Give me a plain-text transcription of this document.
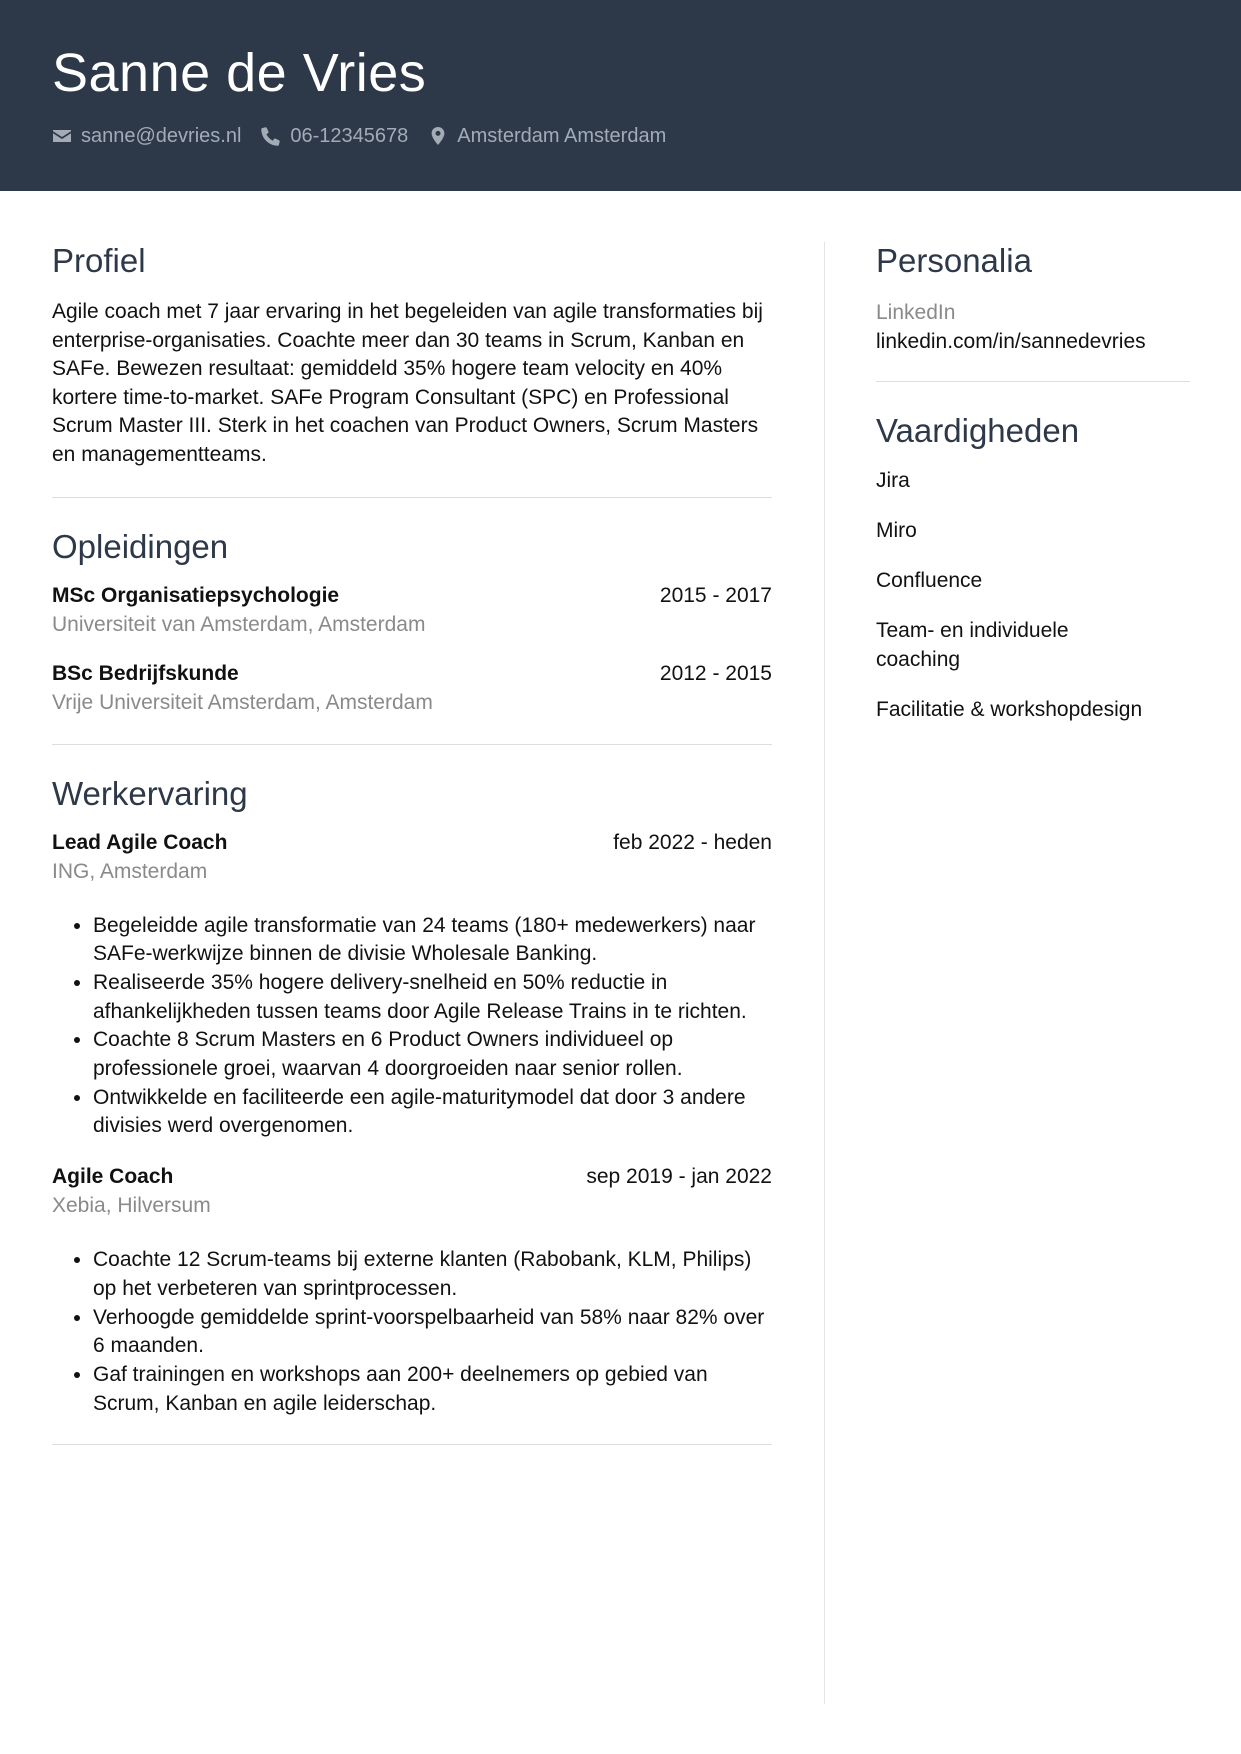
Sanne de Vries
sanne@devries.nl 06-12345678 Amsterdam Amsterdam
Profiel
Agile coach met 7 jaar ervaring in het begeleiden van agile transformaties bij enterprise-organisaties. Coachte meer dan 30 teams in Scrum, Kanban en SAFe. Bewezen resultaat: gemiddeld 35% hogere team velocity en 40% kortere time-to-market. SAFe Program Consultant (SPC) en Professional Scrum Master III. Sterk in het coachen van Product Owners, Scrum Masters en managementteams.
Opleidingen
MSc Organisatiepsychologie	2015 - 2017
Universiteit van Amsterdam, Amsterdam
BSc Bedrijfskunde	2012 - 2015
Vrije Universiteit Amsterdam, Amsterdam
Werkervaring
Lead Agile Coach	feb 2022 - heden
ING, Amsterdam
• Begeleidde agile transformatie van 24 teams (180+ medewerkers) naar SAFe-werkwijze binnen de divisie Wholesale Banking.
• Realiseerde 35% hogere delivery-snelheid en 50% reductie in afhankelijkheden tussen teams door Agile Release Trains in te richten.
• Coachte 8 Scrum Masters en 6 Product Owners individueel op professionele groei, waarvan 4 doorgroeiden naar senior rollen.
• Ontwikkelde en faciliteerde een agile-maturitymodel dat door 3 andere divisies werd overgenomen.
Agile Coach	sep 2019 - jan 2022
Xebia, Hilversum
• Coachte 12 Scrum-teams bij externe klanten (Rabobank, KLM, Philips) op het verbeteren van sprintprocessen.
• Verhoogde gemiddelde sprint-voorspelbaarheid van 58% naar 82% over 6 maanden.
• Gaf trainingen en workshops aan 200+ deelnemers op gebied van Scrum, Kanban en agile leiderschap.
Personalia
LinkedIn
linkedin.com/in/sannedevries
Vaardigheden
Jira
Miro
Confluence
Team- en individuele coaching
Facilitatie & workshopdesign
